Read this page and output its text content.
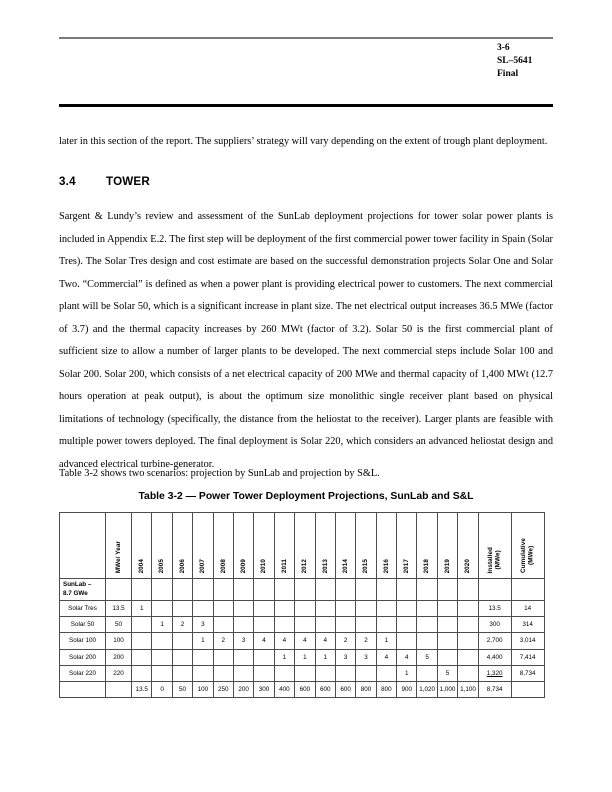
3-6
SL–5641
Final

later in this section of the report. The suppliers’ strategy will vary depending on the extent of trough plant deployment.

3.4	TOWER

Sargent & Lundy’s review and assessment of the SunLab deployment projections for tower solar power plants is included in Appendix E.2. The first step will be deployment of the first commercial power tower facility in Spain (Solar Tres). The Solar Tres design and cost estimate are based on the successful demonstration projects Solar One and Solar Two. “Commercial” is defined as when a power plant is providing electrical power to customers. The next commercial plant will be Solar 50, which is a significant increase in plant size. The net electrical output increases 36.5 MWe (factor of 3.7) and the thermal capacity increases by 260 MWt (factor of 3.2). Solar 50 is the first commercial plant of sufficient size to allow a number of larger plants to be developed. The next commercial steps include Solar 100 and Solar 200. Solar 200, which consists of a net electrical capacity of 200 MWe and thermal capacity of 1,400 MWt (12.7 hours operation at peak output), is about the optimum size monolithic single receiver plant based on physical limitations of technology (specifically, the distance from the heliostat to the receiver). Larger plants are feasible with multiple power towers deployed. The final deployment is Solar 220, which considers an advanced heliostat design and advanced electrical turbine-generator.

Table 3-2 shows two scenarios: projection by SunLab and projection by S&L.

Table 3-2 — Power Tower Deployment Projections, SunLab and S&L
	MWe/ Year	2004	2005	2006	2007	2008	2009	2010	2011	2012	2013	2014	2015	2016	2017	2018	2019	2020	Installed
(MWe)	Cumulative
(MWe)
SunLab –
8.7 GWe																				
Solar Tres	13.5	1																	13.5	14
Solar 50	50		1	2	3														300	314
Solar 100	100				1	2	3	4	4	4	4	2	2	1					2,700	3,014
Solar 200	200								1	1	1	3	3	4	4	5			4,400	7,414
Solar 220	220														1		5		1,320	8,734
		13.5	0	50	100	250	200	300	400	600	600	600	800	800	900	1,020	1,000	1,100	8,734	
